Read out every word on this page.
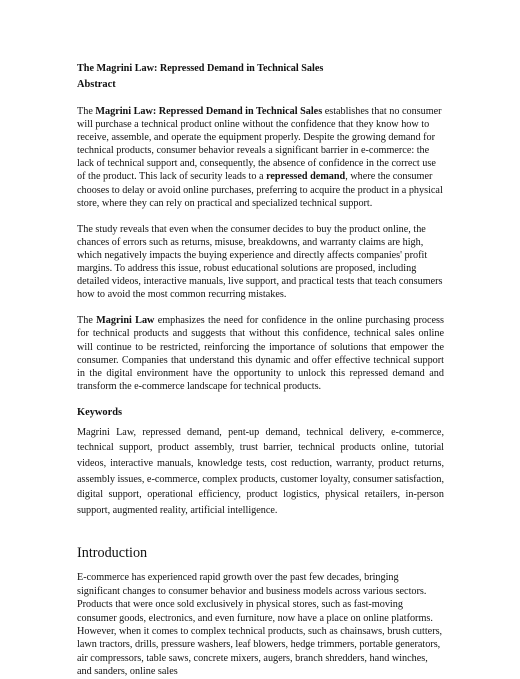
The Magrini Law: Repressed Demand in Technical Sales
Abstract

The Magrini Law: Repressed Demand in Technical Sales establishes that no consumer will purchase a technical product online without the confidence that they know how to receive, assemble, and operate the equipment properly. Despite the growing demand for technical products, consumer behavior reveals a significant barrier in e-commerce: the lack of technical support and, consequently, the absence of confidence in the correct use of the product. This lack of security leads to a repressed demand, where the consumer chooses to delay or avoid online purchases, preferring to acquire the product in a physical store, where they can rely on practical and specialized technical support.

The study reveals that even when the consumer decides to buy the product online, the chances of errors such as returns, misuse, breakdowns, and warranty claims are high, which negatively impacts the buying experience and directly affects companies' profit margins. To address this issue, robust educational solutions are proposed, including detailed videos, interactive manuals, live support, and practical tests that teach consumers how to avoid the most common recurring mistakes.

The Magrini Law emphasizes the need for confidence in the online purchasing process for technical products and suggests that without this confidence, technical sales online will continue to be restricted, reinforcing the importance of solutions that empower the consumer. Companies that understand this dynamic and offer effective technical support in the digital environment have the opportunity to unlock this repressed demand and transform the e-commerce landscape for technical products.

Keywords

Magrini Law, repressed demand, pent-up demand, technical delivery, e-commerce, technical support, product assembly, trust barrier, technical products online, tutorial videos, interactive manuals, knowledge tests, cost reduction, warranty, product returns, assembly issues, e-commerce, complex products, customer loyalty, consumer satisfaction, digital support, operational efficiency, product logistics, physical retailers, in-person support, augmented reality, artificial intelligence.

Introduction

E-commerce has experienced rapid growth over the past few decades, bringing significant changes to consumer behavior and business models across various sectors. Products that were once sold exclusively in physical stores, such as fast-moving consumer goods, electronics, and even furniture, now have a place on online platforms. However, when it comes to complex technical products, such as chainsaws, brush cutters, lawn tractors, drills, pressure washers, leaf blowers, hedge trimmers, portable generators, air compressors, table saws, concrete mixers, augers, branch shredders, hand winches, and sanders, online sales
